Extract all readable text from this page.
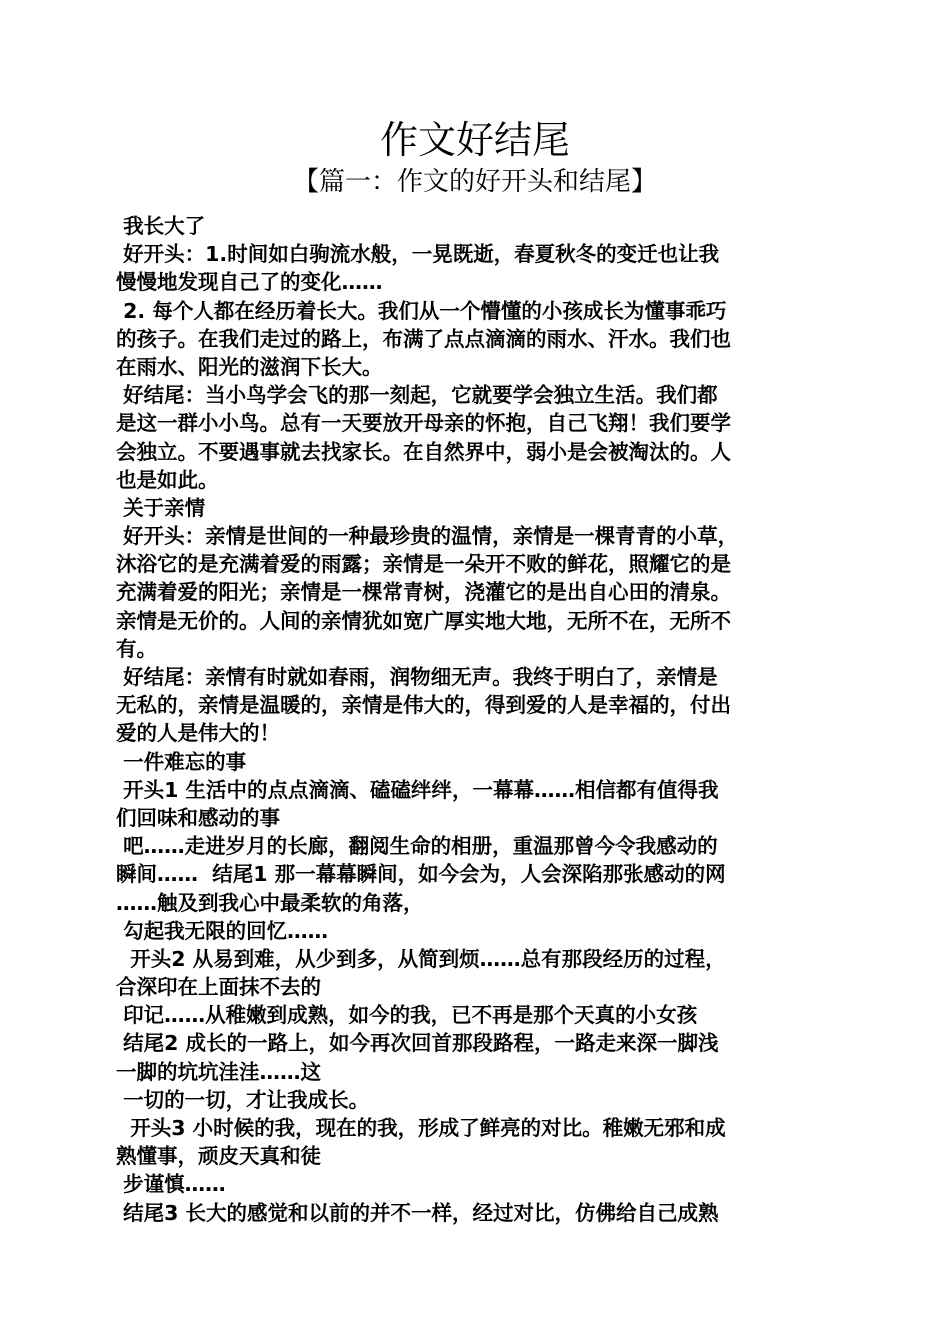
作文好结尾
【篇一：作文的好开头和结尾】
我长大了
好开头：1.时间如白驹流水般，一晃既逝，春夏秋冬的变迁也让我
慢慢地发现自己了的变化……
2. 每个人都在经历着长大。我们从一个懵懂的小孩成长为懂事乖巧
的孩子。在我们走过的路上，布满了点点滴滴的雨水、汗水。我们也
在雨水、阳光的滋润下长大。
好结尾：当小鸟学会飞的那一刻起，它就要学会独立生活。我们都
是这一群小小鸟。总有一天要放开母亲的怀抱，自己飞翔！我们要学
会独立。不要遇事就去找家长。在自然界中，弱小是会被淘汰的。人
也是如此。
关于亲情
好开头：亲情是世间的一种最珍贵的温情，亲情是一棵青青的小草，
沐浴它的是充满着爱的雨露；亲情是一朵开不败的鲜花，照耀它的是
充满着爱的阳光；亲情是一棵常青树，浇灌它的是出自心田的清泉。
亲情是无价的。人间的亲情犹如宽广厚实地大地，无所不在，无所不
有。
好结尾：亲情有时就如春雨，润物细无声。我终于明白了，亲情是
无私的，亲情是温暖的，亲情是伟大的，得到爱的人是幸福的，付出
爱的人是伟大的！
一件难忘的事
开头1 生活中的点点滴滴、磕磕绊绊，一幕幕……相信都有值得我
们回味和感动的事
吧……走进岁月的长廊，翻阅生命的相册，重温那曾今令我感动的
瞬间……  结尾1 那一幕幕瞬间，如今会为，人会深陷那张感动的网
……触及到我心中最柔软的角落，
勾起我无限的回忆……
开头2 从易到难，从少到多，从简到烦……总有那段经历的过程，
合深印在上面抹不去的
印记……从稚嫩到成熟，如今的我，已不再是那个天真的小女孩
结尾2 成长的一路上，如今再次回首那段路程，一路走来深一脚浅
一脚的坑坑洼洼……这
一切的一切，才让我成长。
开头3 小时候的我，现在的我，形成了鲜亮的对比。稚嫩无邪和成
熟懂事，顽皮天真和徒
步谨慎……
结尾3 长大的感觉和以前的并不一样，经过对比，仿佛给自己成熟
